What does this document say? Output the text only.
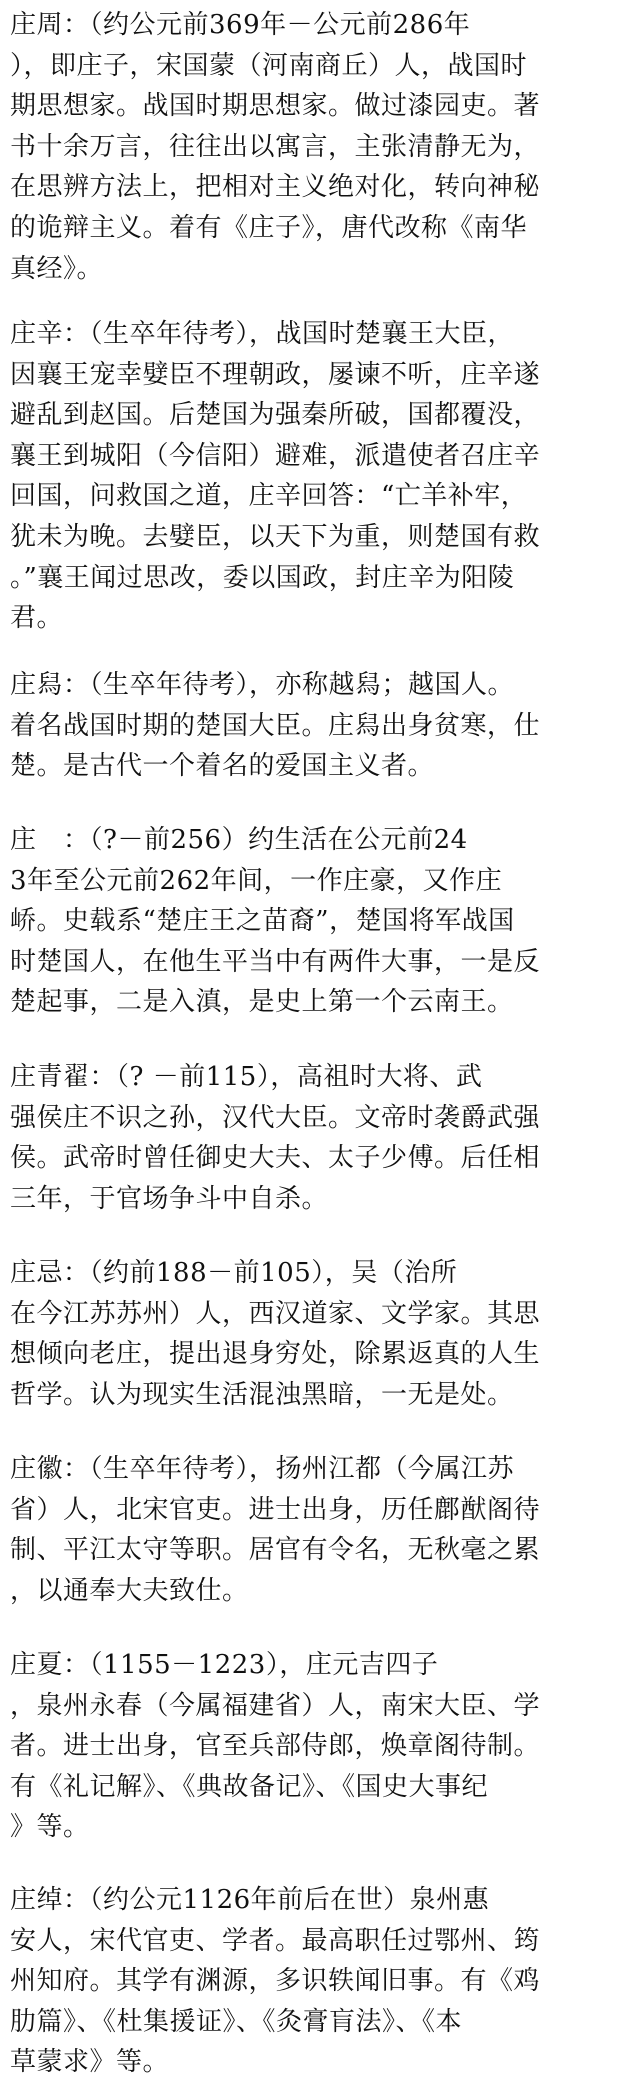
庄周：（约公元前369年－公元前286年
），即庄子，宋国蒙（河南商丘）人，战国时
期思想家。战国时期思想家。做过漆园吏。著
书十余万言，往往出以寓言，主张清静无为，
在思辨方法上，把相对主义绝对化，转向神秘
的诡辩主义。着有《庄子》，唐代改称《南华
真经》。
庄辛：（生卒年待考），战国时楚襄王大臣，
因襄王宠幸嬖臣不理朝政，屡谏不听，庄辛遂
避乱到赵国。后楚国为强秦所破，国都覆没，
襄王到城阳（今信阳）避难，派遣使者召庄辛
回国，问救国之道，庄辛回答：“亡羊补牢，
犹未为晚。去嬖臣，以天下为重，则楚国有救
。”襄王闻过思改，委以国政，封庄辛为阳陵
君。
庄舄：（生卒年待考），亦称越舄；越国人。
着名战国时期的楚国大臣。庄舄出身贫寒，仕
楚。是古代一个着名的爱国主义者。
庄　：（?－前256）约生活在公元前24
3年至公元前262年间，一作庄豪，又作庄
峤。史载系“楚庄王之苗裔”，楚国将军战国
时楚国人，在他生平当中有两件大事，一是反
楚起事，二是入滇，是史上第一个云南王。
庄青翟：（? －前115），高祖时大将、武
强侯庄不识之孙，汉代大臣。文帝时袭爵武强
侯。武帝时曾任御史大夫、太子少傅。后任相
三年，于官场争斗中自杀。
庄忌：（约前188－前105），吴（治所
在今江苏苏州）人，西汉道家、文学家。其思
想倾向老庄，提出退身穷处，除累返真的人生
哲学。认为现实生活混浊黑暗，一无是处。
庄徽：（生卒年待考），扬州江都（今属江苏
省）人，北宋官吏。进士出身，历任鄜猷阁待
制、平江太守等职。居官有令名，无秋毫之累
，以通奉大夫致仕。
庄夏：（1155－1223），庄元吉四子
，泉州永春（今属福建省）人，南宋大臣、学
者。进士出身，官至兵部侍郎，焕章阁待制。
有《礼记解》、《典故备记》、《国史大事纪
》等。
庄绰：（约公元1126年前后在世）泉州惠
安人，宋代官吏、学者。最高职任过鄂州、筠
州知府。其学有渊源，多识轶闻旧事。有《鸡
肋篇》、《杜集援证》、《灸膏肓法》、《本
草蒙求》等。
